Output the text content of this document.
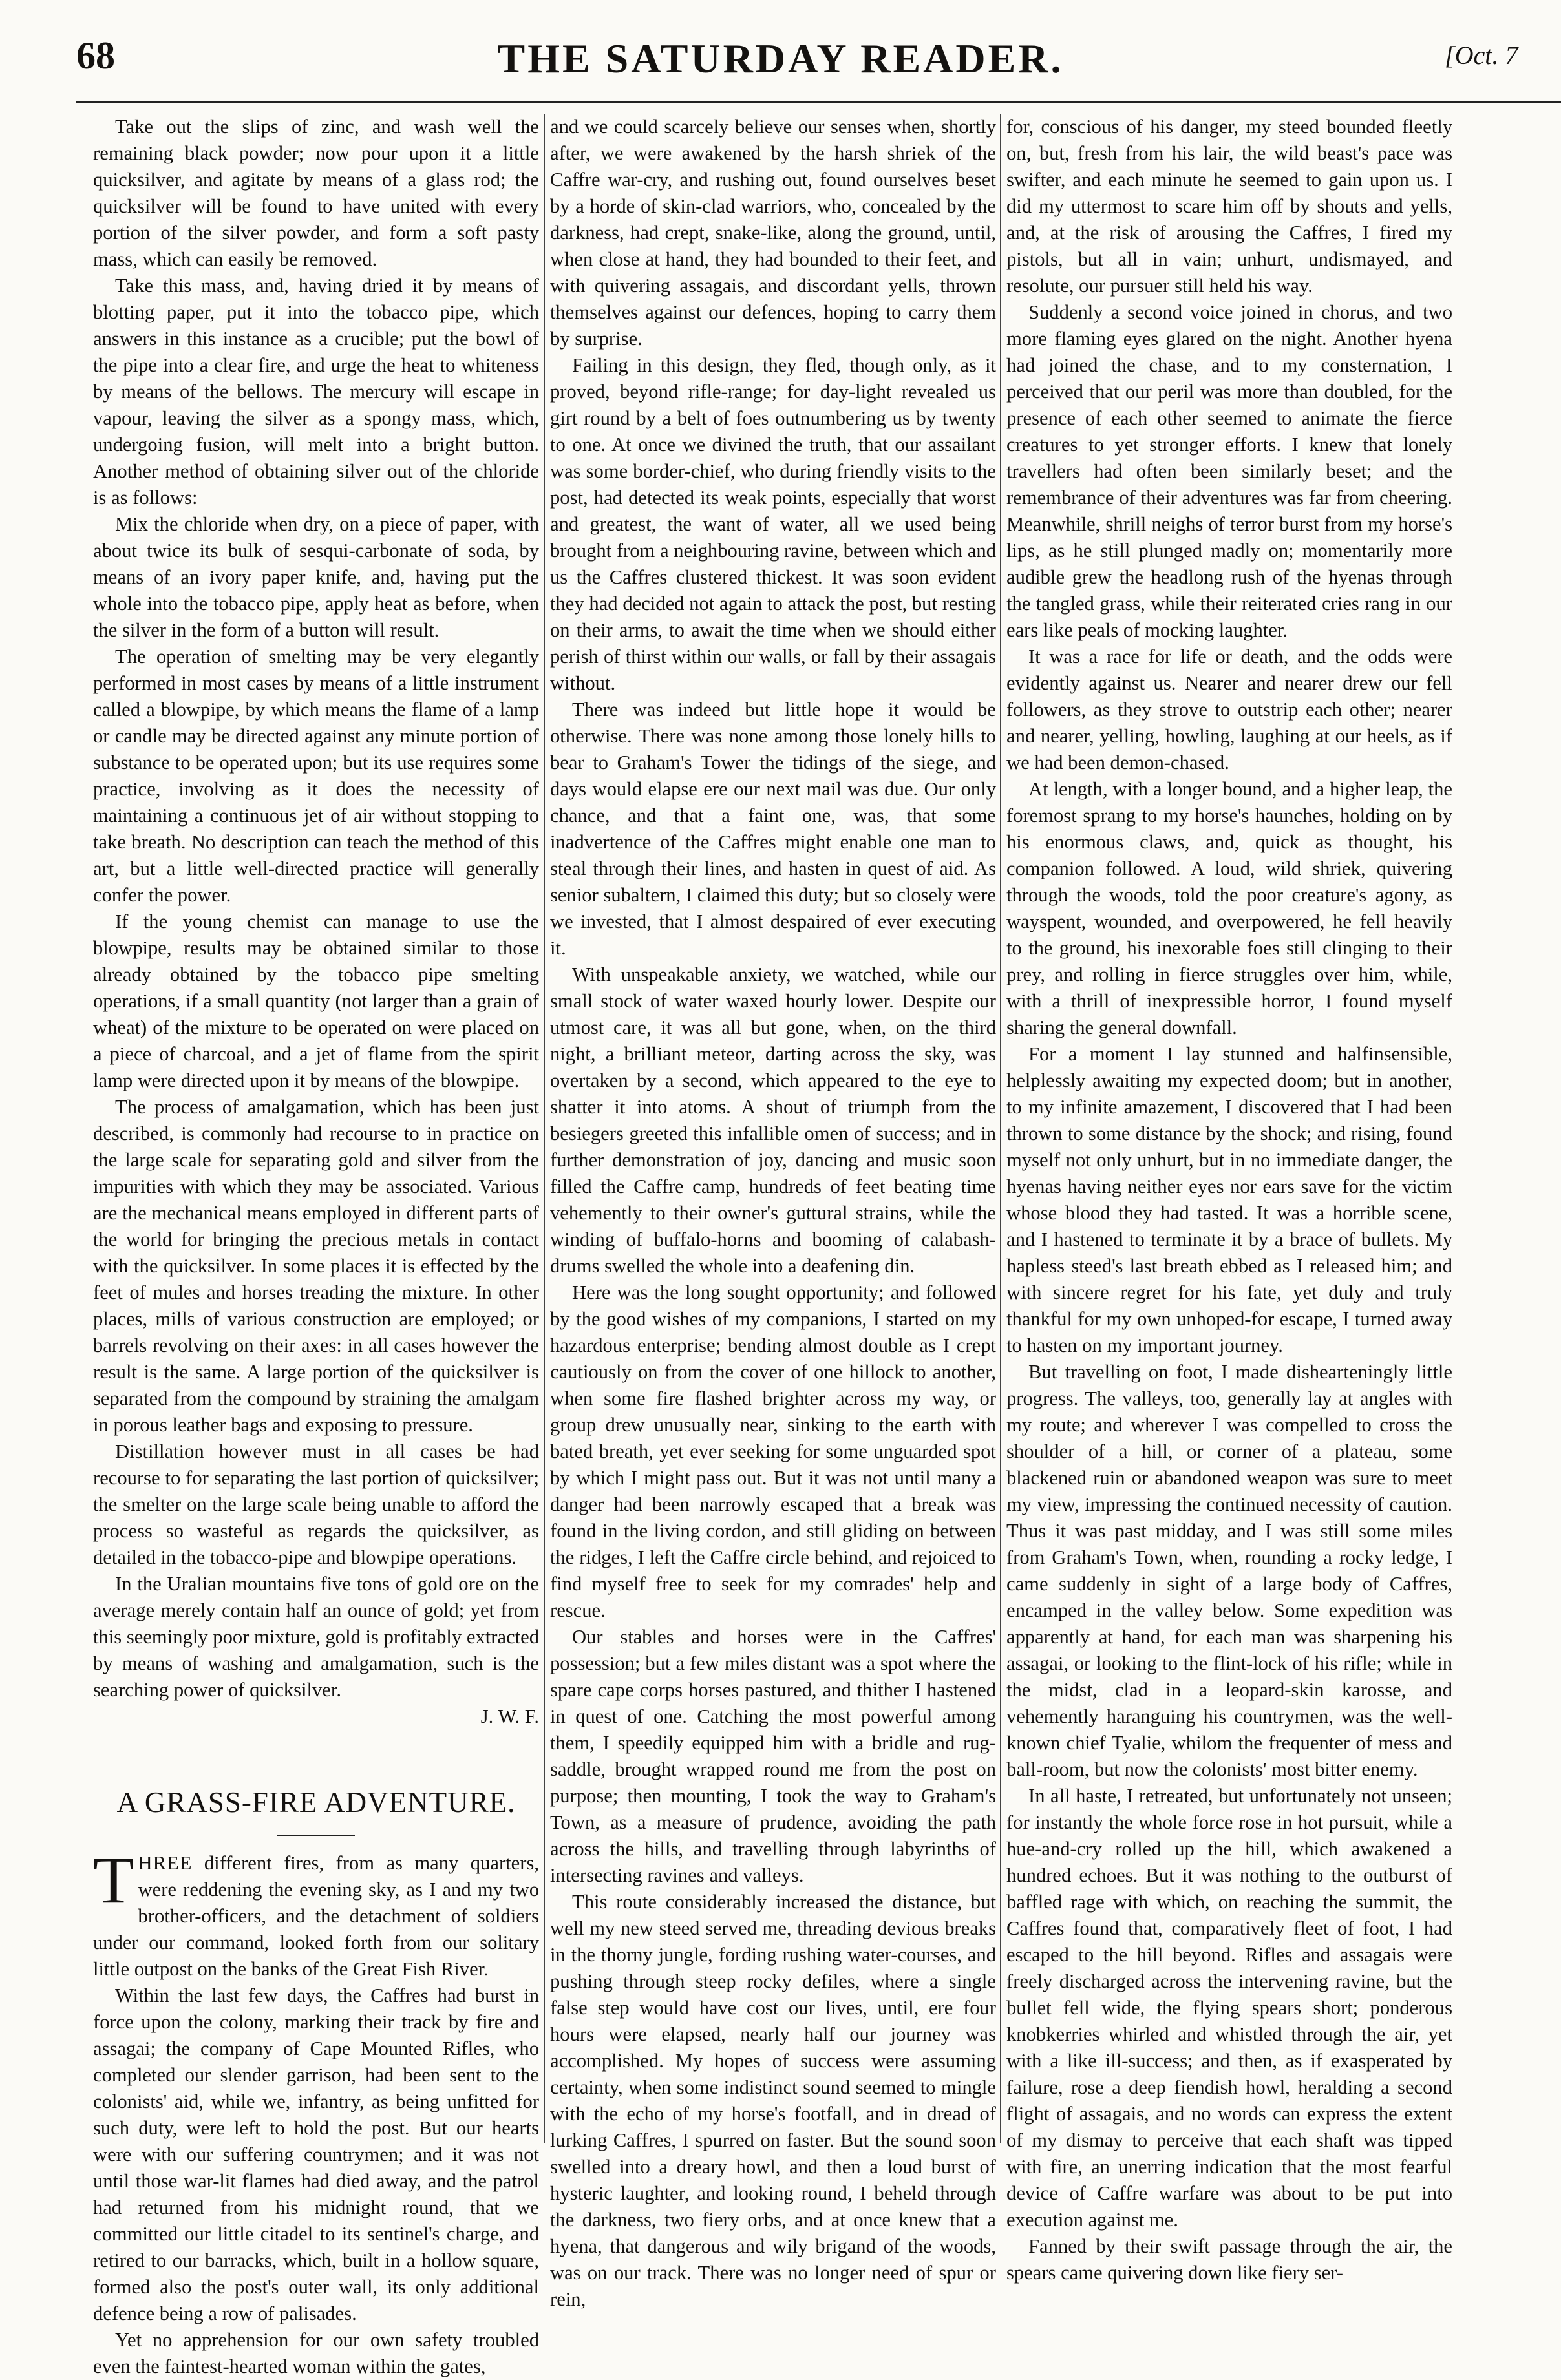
68	THE SATURDAY READER.	[Oct. 7

Take out the slips of zinc, and wash well the remaining black powder; now pour upon it a little quicksilver, and agitate by means of a glass rod; the quicksilver will be found to have united with every portion of the silver powder, and form a soft pasty mass, which can easily be removed.

Take this mass, and, having dried it by means of blotting paper, put it into the tobacco pipe, which answers in this instance as a crucible; put the bowl of the pipe into a clear fire, and urge the heat to whiteness by means of the bellows. The mercury will escape in vapour, leaving the silver as a spongy mass, which, undergoing fusion, will melt into a bright button. Another method of obtaining silver out of the chloride is as follows:

Mix the chloride when dry, on a piece of paper, with about twice its bulk of sesqui-carbonate of soda, by means of an ivory paper knife, and, having put the whole into the tobacco pipe, apply heat as before, when the silver in the form of a button will result.

The operation of smelting may be very elegantly performed in most cases by means of a little instrument called a blowpipe, by which means the flame of a lamp or candle may be directed against any minute portion of substance to be operated upon; but its use requires some practice, involving as it does the necessity of maintaining a continuous jet of air without stopping to take breath. No description can teach the method of this art, but a little well-directed practice will generally confer the power.

If the young chemist can manage to use the blowpipe, results may be obtained similar to those already obtained by the tobacco pipe smelting operations, if a small quantity (not larger than a grain of wheat) of the mixture to be operated on were placed on a piece of charcoal, and a jet of flame from the spirit lamp were directed upon it by means of the blowpipe.

The process of amalgamation, which has been just described, is commonly had recourse to in practice on the large scale for separating gold and silver from the impurities with which they may be associated. Various are the mechanical means employed in different parts of the world for bringing the precious metals in contact with the quicksilver. In some places it is effected by the feet of mules and horses treading the mixture. In other places, mills of various construction are employed; or barrels revolving on their axes: in all cases however the result is the same. A large portion of the quicksilver is separated from the compound by straining the amalgam in porous leather bags and exposing to pressure.

Distillation however must in all cases be had recourse to for separating the last portion of quicksilver; the smelter on the large scale being unable to afford the process so wasteful as regards the quicksilver, as detailed in the tobacco-pipe and blowpipe operations.

In the Uralian mountains five tons of gold ore on the average merely contain half an ounce of gold; yet from this seemingly poor mixture, gold is profitably extracted by means of washing and amalgamation, such is the searching power of quicksilver.

J. W. F.

A GRASS-FIRE ADVENTURE.

THREE different fires, from as many quarters, were reddening the evening sky, as I and my two brother-officers, and the detachment of soldiers under our command, looked forth from our solitary little outpost on the banks of the Great Fish River.

Within the last few days, the Caffres had burst in force upon the colony, marking their track by fire and assagai; the company of Cape Mounted Rifles, who completed our slender garrison, had been sent to the colonists' aid, while we, infantry, as being unfitted for such duty, were left to hold the post. But our hearts were with our suffering countrymen; and it was not until those war-lit flames had died away, and the patrol had returned from his midnight round, that we committed our little citadel to its sentinel's charge, and retired to our barracks, which, built in a hollow square, formed also the post's outer wall, its only additional defence being a row of palisades.

Yet no apprehension for our own safety troubled even the faintest-hearted woman within the gates,

and we could scarcely believe our senses when, shortly after, we were awakened by the harsh shriek of the Caffre war-cry, and rushing out, found ourselves beset by a horde of skin-clad warriors, who, concealed by the darkness, had crept, snake-like, along the ground, until, when close at hand, they had bounded to their feet, and with quivering assagais, and discordant yells, thrown themselves against our defences, hoping to carry them by surprise.

Failing in this design, they fled, though only, as it proved, beyond rifle-range; for day-light revealed us girt round by a belt of foes outnumbering us by twenty to one. At once we divined the truth, that our assailant was some border-chief, who during friendly visits to the post, had detected its weak points, especially that worst and greatest, the want of water, all we used being brought from a neighbouring ravine, between which and us the Caffres clustered thickest. It was soon evident they had decided not again to attack the post, but resting on their arms, to await the time when we should either perish of thirst within our walls, or fall by their assagais without.

There was indeed but little hope it would be otherwise. There was none among those lonely hills to bear to Graham's Tower the tidings of the siege, and days would elapse ere our next mail was due. Our only chance, and that a faint one, was, that some inadvertence of the Caffres might enable one man to steal through their lines, and hasten in quest of aid. As senior subaltern, I claimed this duty; but so closely were we invested, that I almost despaired of ever executing it.

With unspeakable anxiety, we watched, while our small stock of water waxed hourly lower. Despite our utmost care, it was all but gone, when, on the third night, a brilliant meteor, darting across the sky, was overtaken by a second, which appeared to the eye to shatter it into atoms. A shout of triumph from the besiegers greeted this infallible omen of success; and in further demonstration of joy, dancing and music soon filled the Caffre camp, hundreds of feet beating time vehemently to their owner's guttural strains, while the winding of buffalo-horns and booming of calabash-drums swelled the whole into a deafening din.

Here was the long sought opportunity; and followed by the good wishes of my companions, I started on my hazardous enterprise; bending almost double as I crept cautiously on from the cover of one hillock to another, when some fire flashed brighter across my way, or group drew unusually near, sinking to the earth with bated breath, yet ever seeking for some unguarded spot by which I might pass out. But it was not until many a danger had been narrowly escaped that a break was found in the living cordon, and still gliding on between the ridges, I left the Caffre circle behind, and rejoiced to find myself free to seek for my comrades' help and rescue.

Our stables and horses were in the Caffres' possession; but a few miles distant was a spot where the spare cape corps horses pastured, and thither I hastened in quest of one. Catching the most powerful among them, I speedily equipped him with a bridle and rug-saddle, brought wrapped round me from the post on purpose; then mounting, I took the way to Graham's Town, as a measure of prudence, avoiding the path across the hills, and travelling through labyrinths of intersecting ravines and valleys.

This route considerably increased the distance, but well my new steed served me, threading devious breaks in the thorny jungle, fording rushing water-courses, and pushing through steep rocky defiles, where a single false step would have cost our lives, until, ere four hours were elapsed, nearly half our journey was accomplished. My hopes of success were assuming certainty, when some indistinct sound seemed to mingle with the echo of my horse's footfall, and in dread of lurking Caffres, I spurred on faster. But the sound soon swelled into a dreary howl, and then a loud burst of hysteric laughter, and looking round, I beheld through the darkness, two fiery orbs, and at once knew that a hyena, that dangerous and wily brigand of the woods, was on our track. There was no longer need of spur or rein,

for, conscious of his danger, my steed bounded fleetly on, but, fresh from his lair, the wild beast's pace was swifter, and each minute he seemed to gain upon us. I did my uttermost to scare him off by shouts and yells, and, at the risk of arousing the Caffres, I fired my pistols, but all in vain; unhurt, undismayed, and resolute, our pursuer still held his way.

Suddenly a second voice joined in chorus, and two more flaming eyes glared on the night. Another hyena had joined the chase, and to my consternation, I perceived that our peril was more than doubled, for the presence of each other seemed to animate the fierce creatures to yet stronger efforts. I knew that lonely travellers had often been similarly beset; and the remembrance of their adventures was far from cheering. Meanwhile, shrill neighs of terror burst from my horse's lips, as he still plunged madly on; momentarily more audible grew the headlong rush of the hyenas through the tangled grass, while their reiterated cries rang in our ears like peals of mocking laughter.

It was a race for life or death, and the odds were evidently against us. Nearer and nearer drew our fell followers, as they strove to outstrip each other; nearer and nearer, yelling, howling, laughing at our heels, as if we had been demon-chased.

At length, with a longer bound, and a higher leap, the foremost sprang to my horse's haunches, holding on by his enormous claws, and, quick as thought, his companion followed. A loud, wild shriek, quivering through the woods, told the poor creature's agony, as wayspent, wounded, and overpowered, he fell heavily to the ground, his inexorable foes still clinging to their prey, and rolling in fierce struggles over him, while, with a thrill of inexpressible horror, I found myself sharing the general downfall.

For a moment I lay stunned and halfinsensible, helplessly awaiting my expected doom; but in another, to my infinite amazement, I discovered that I had been thrown to some distance by the shock; and rising, found myself not only unhurt, but in no immediate danger, the hyenas having neither eyes nor ears save for the victim whose blood they had tasted. It was a horrible scene, and I hastened to terminate it by a brace of bullets. My hapless steed's last breath ebbed as I released him; and with sincere regret for his fate, yet duly and truly thankful for my own unhoped-for escape, I turned away to hasten on my important journey.

But travelling on foot, I made dishearteningly little progress. The valleys, too, generally lay at angles with my route; and wherever I was compelled to cross the shoulder of a hill, or corner of a plateau, some blackened ruin or abandoned weapon was sure to meet my view, impressing the continued necessity of caution. Thus it was past midday, and I was still some miles from Graham's Town, when, rounding a rocky ledge, I came suddenly in sight of a large body of Caffres, encamped in the valley below. Some expedition was apparently at hand, for each man was sharpening his assagai, or looking to the flint-lock of his rifle; while in the midst, clad in a leopard-skin karosse, and vehemently haranguing his countrymen, was the well-known chief Tyalie, whilom the frequenter of mess and ball-room, but now the colonists' most bitter enemy.

In all haste, I retreated, but unfortunately not unseen; for instantly the whole force rose in hot pursuit, while a hue-and-cry rolled up the hill, which awakened a hundred echoes. But it was nothing to the outburst of baffled rage with which, on reaching the summit, the Caffres found that, comparatively fleet of foot, I had escaped to the hill beyond. Rifles and assagais were freely discharged across the intervening ravine, but the bullet fell wide, the flying spears short; ponderous knobkerries whirled and whistled through the air, yet with a like ill-success; and then, as if exasperated by failure, rose a deep fiendish howl, heralding a second flight of assagais, and no words can express the extent of my dismay to perceive that each shaft was tipped with fire, an unerring indication that the most fearful device of Caffre warfare was about to be put into execution against me.

Fanned by their swift passage through the air, the spears came quivering down like fiery ser-
